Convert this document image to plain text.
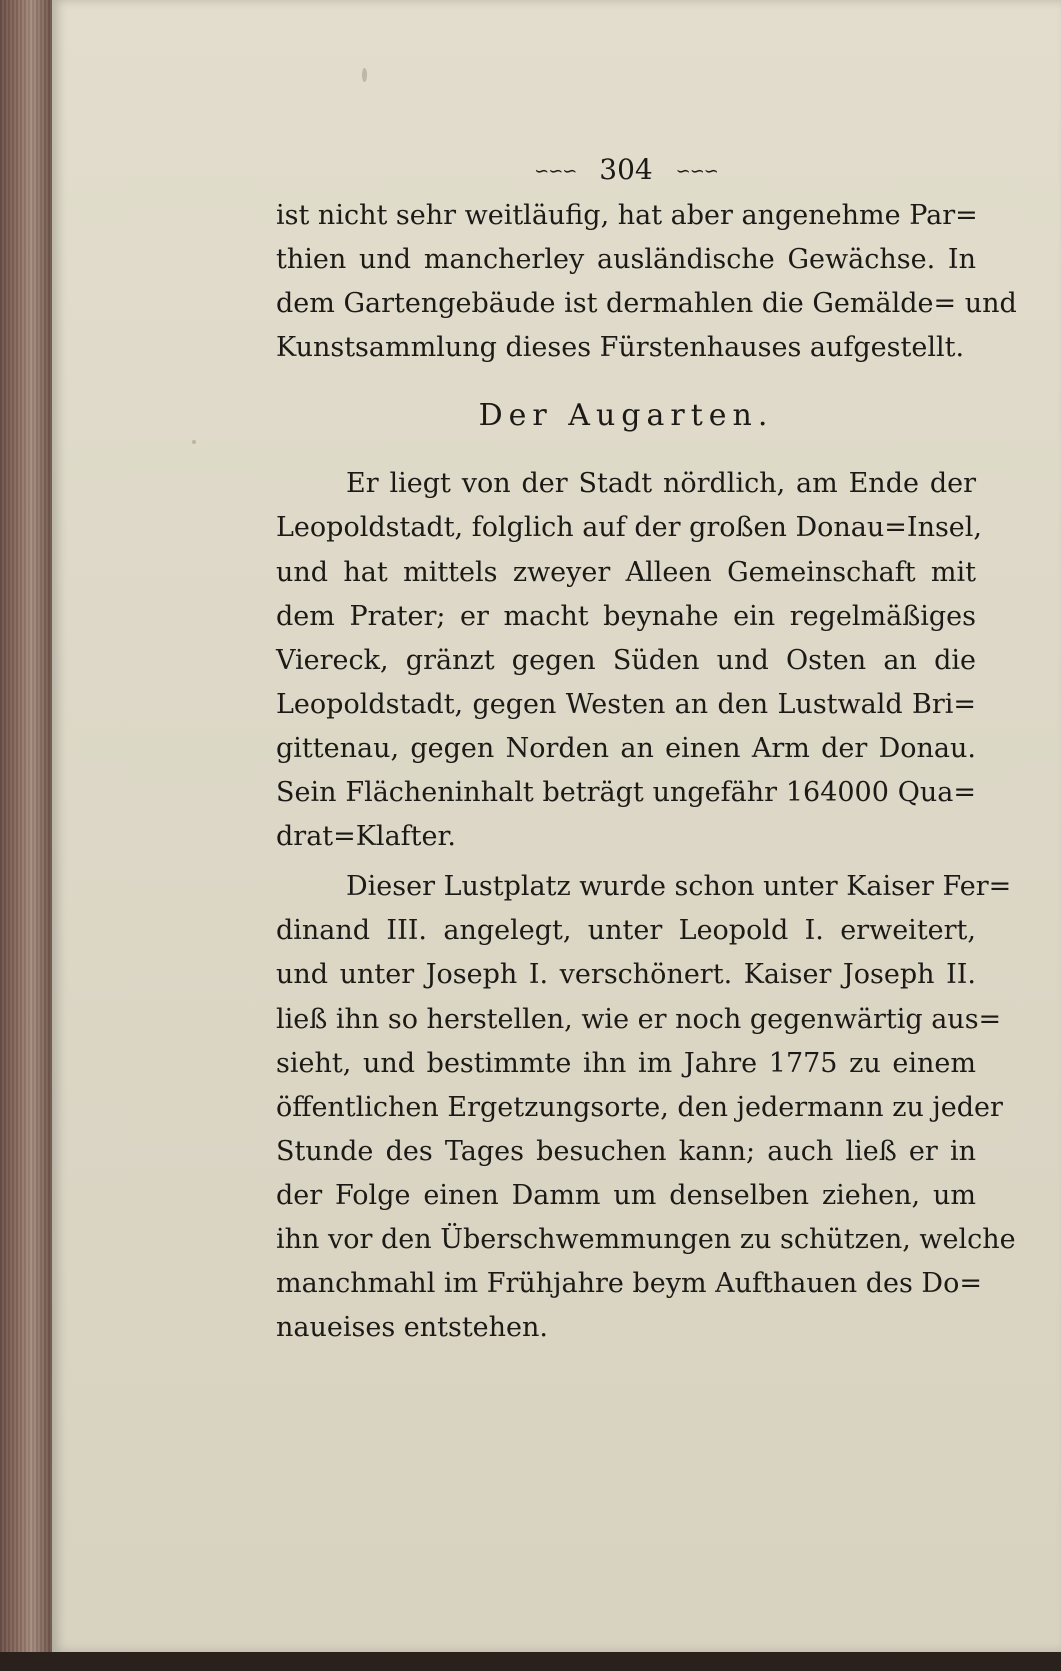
∽∽∽ 304 ∽∽∽
ist nicht sehr weitläufig, hat aber angenehme Par=
thien und mancherley ausländische Gewächse. In
dem Gartengebäude ist dermahlen die Gemälde= und
Kunstsammlung dieses Fürstenhauses aufgestellt.
Der Augarten.
Er liegt von der Stadt nördlich, am Ende der
Leopoldstadt, folglich auf der großen Donau=Insel,
und hat mittels zweyer Alleen Gemeinschaft mit
dem Prater; er macht beynahe ein regelmäßiges
Viereck, gränzt gegen Süden und Osten an die
Leopoldstadt, gegen Westen an den Lustwald Bri=
gittenau, gegen Norden an einen Arm der Donau.
Sein Flächeninhalt beträgt ungefähr 164000 Qua=
drat=Klafter.
Dieser Lustplatz wurde schon unter Kaiser Fer=
dinand III. angelegt, unter Leopold I. erweitert,
und unter Joseph I. verschönert. Kaiser Joseph II.
ließ ihn so herstellen, wie er noch gegenwärtig aus=
sieht, und bestimmte ihn im Jahre 1775 zu einem
öffentlichen Ergetzungsorte, den jedermann zu jeder
Stunde des Tages besuchen kann; auch ließ er in
der Folge einen Damm um denselben ziehen, um
ihn vor den Überschwemmungen zu schützen, welche
manchmahl im Frühjahre beym Aufthauen des Do=
naueises entstehen.
